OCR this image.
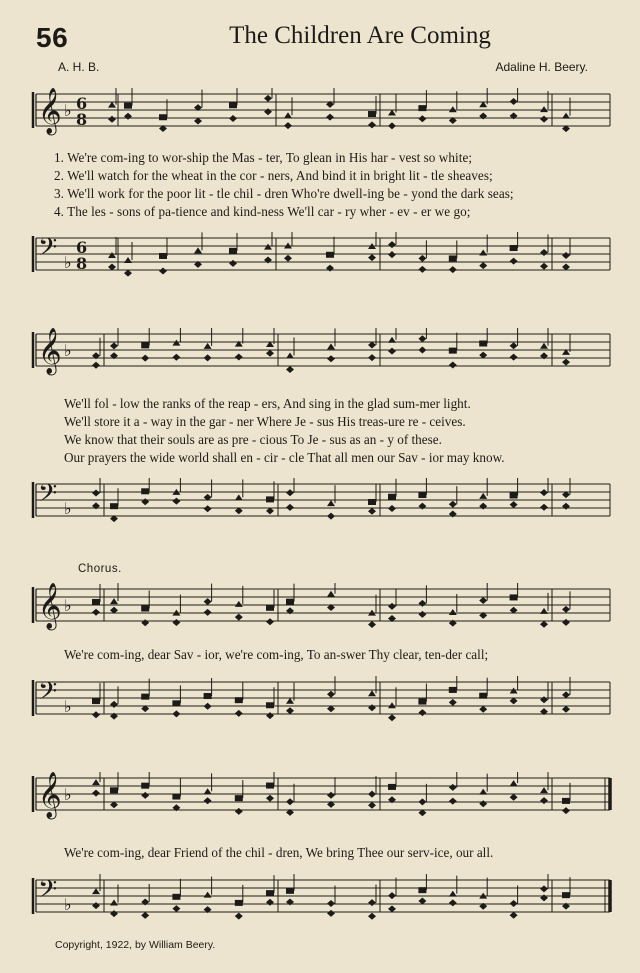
56	The Children Are Coming
A. H. B.	Adaline H. Beery.
𝄞 ♭ 6
8
1. We're com-ing to wor-ship the Mas - ter, To glean in His har - vest so white;
2. We'll watch for the wheat in the cor - ners, And bind it in bright lit - tle sheaves;
3. We'll work for the poor lit - tle chil - dren Who're dwell-ing be - yond the dark seas;
4. The les - sons of pa-tience and kind-ness We'll car - ry wher - ev - er we go;
𝄢 ♭
6
8
𝄞 ♭
We'll fol - low the ranks of the reap - ers, And sing in the glad sum-mer light.
We'll store it a - way in the gar - ner Where Je - sus His treas-ure re - ceives.
We know that their souls are as pre - cious To Je - sus as an - y of these.
Our prayers the wide world shall en - cir - cle That all men our Sav - ior may know.
𝄢 ♭
Chorus.
𝄞 ♭
We're com-ing, dear Sav - ior, we're com-ing, To an-swer Thy clear, ten-der call;
𝄢 ♭
𝄞 ♭
We're com-ing, dear Friend of the chil - dren, We bring Thee our serv-ice, our all.
𝄢 ♭
Copyright, 1922, by William Beery.
